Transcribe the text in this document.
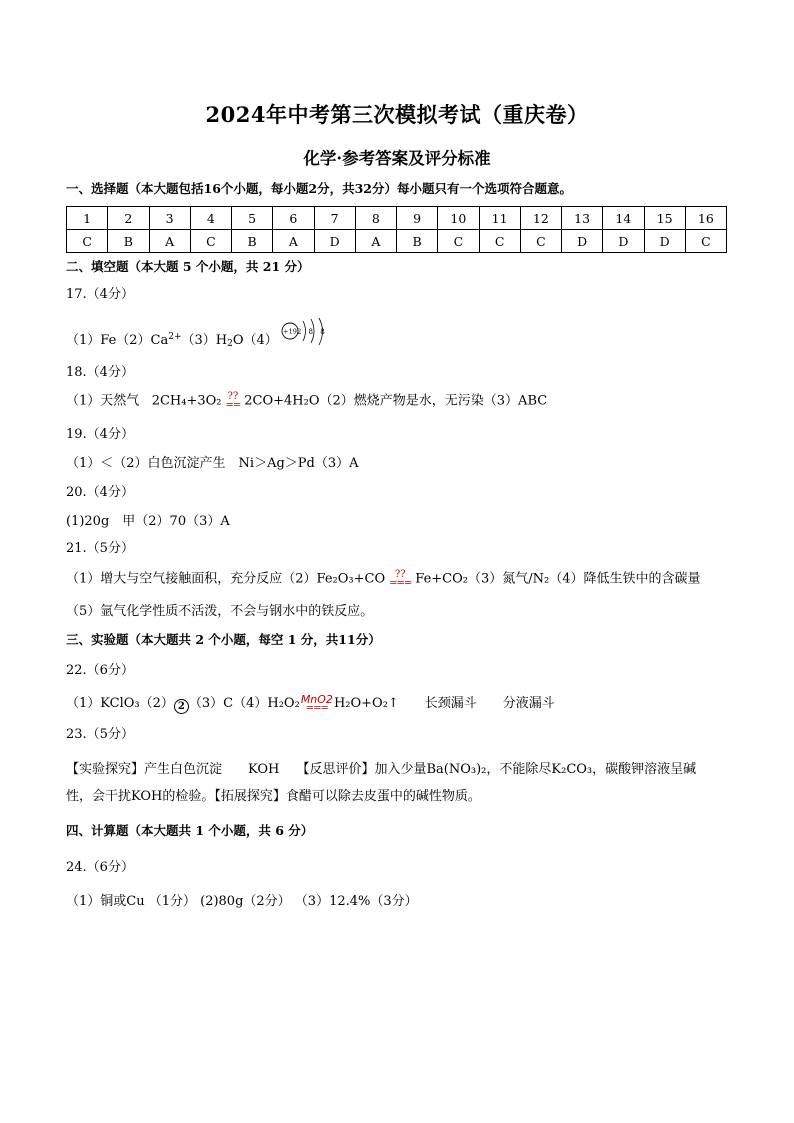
2024年中考第三次模拟考试（重庆卷）
化学·参考答案及评分标准
一、选择题（本大题包括16个小题，每小题2分，共32分）每小题只有一个选项符合题意。
1	2	3	4	5	6	7	8	9	10	11	12	13	14	15	16
C	B	A	C	B	A	D	A	B	C	C	C	D	D	D	C
二、填空题（本大题 5 个小题，共 21 分）
17.（4分）
$(1)Fe(2)Ca^{2+}(3)H_2O(4)$
+19 2 8 8
18.（4分）
（1）天然气 2CH₄+3O₂ ??
== 2CO+4H₂O（2）燃烧产物是水，无污染（3）ABC
19.（4分）
（1）＜（2）白色沉淀产生　Ni＞Ag＞Pd（3）A
20.（4分）
(1)20g　甲（2）70（3）A
21.（5分）
（1）增大与空气接触面积，充分反应（2）Fe₂O₃+CO ??
=== Fe+CO₂（3）氮气/N₂（4）降低生铁中的含碳量
（5）氩气化学性质不活泼，不会与钢水中的铁反应。
三、实验题（本大题共 2 个小题，每空 1 分，共11分）
22.（6分）
（1）KClO₃（2） 2 （3）C（4）H₂O₂ MnO2
=== H₂O+O₂↑　　长颈漏斗　　分液漏斗
23.（5分）
【实验探究】产生白色沉淀　　KOH　 【反思评价】加入少量Ba(NO₃)₂，不能除尽K₂CO₃，碳酸钾溶液呈碱
性，会干扰KOH的检验。【拓展探究】食醋可以除去皮蛋中的碱性物质。
四、计算题（本大题共 1 个小题，共 6 分）
24.（6分）
（1）铜或Cu （1分） (2)80g（2分） （3）12.4%（3分）
